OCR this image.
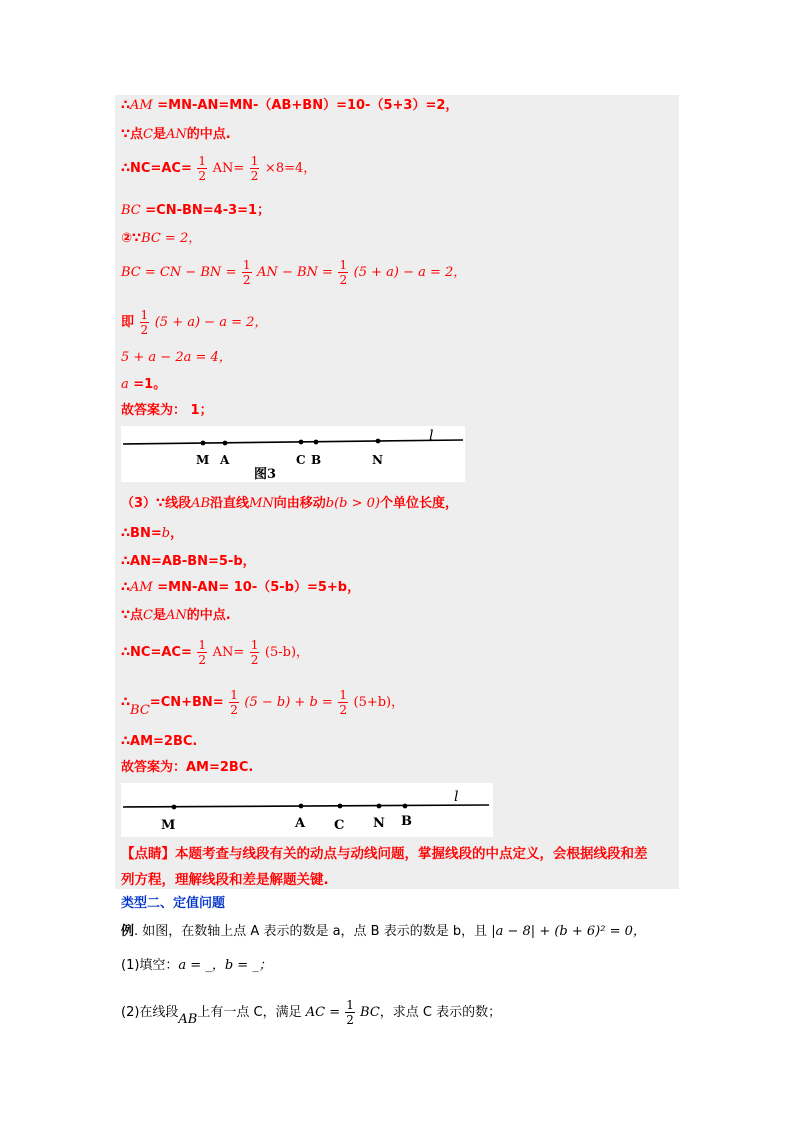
∴AM =MN-AN=MN-（AB+BN）=10-（5+3）=2，
∵点C是AN的中点.
∴NC=AC= $\frac{1}{2} AN= \frac{1}{2} \times 8=4$，
BC =CN-BN=4-3=1；
②∵BC = 2，
BC = CN − BN = $\frac{1}{2}$ AN − BN = $\frac{1}{2} (5 + a) - a = 2$，
即 $\frac{1}{2} (5 + a) - a = 2$，
5 + a − 2a = 4，
a =1。
故答案为： 1；
l
M A	C B	N
图3
（3）∵线段AB沿直线MN向由移动b(b > 0)个单位长度，
∴BN=b，
∴AN=AB-BN=5-b，
∴AM =MN-AN= 10-（5-b）=5+b，
∵点C是AN的中点.
∴NC=AC= $\frac{1}{2} AN= \frac{1}{2} (5-b)$，
∴BC=CN+BN= $\frac{1}{2} (5 - b) + b = \frac{1}{2} (5+b)$，
∴AM=2BC.
故答案为：AM=2BC.
l
M	A C N B
【点睛】本题考查与线段有关的动点与动线问题，掌握线段的中点定义，会根据线段和差
列方程，理解线段和差是解题关键.
类型二、定值问题
例. 如图，在数轴上点 A 表示的数是 a，点 B 表示的数是 b，且 |a − 8| + (b + 6)² = 0，
(1)填空：a = _，b = _；
(2)在线段AB上有一点 C，满足 AC = $\frac{1}{2}$ BC，求点 C 表示的数；
